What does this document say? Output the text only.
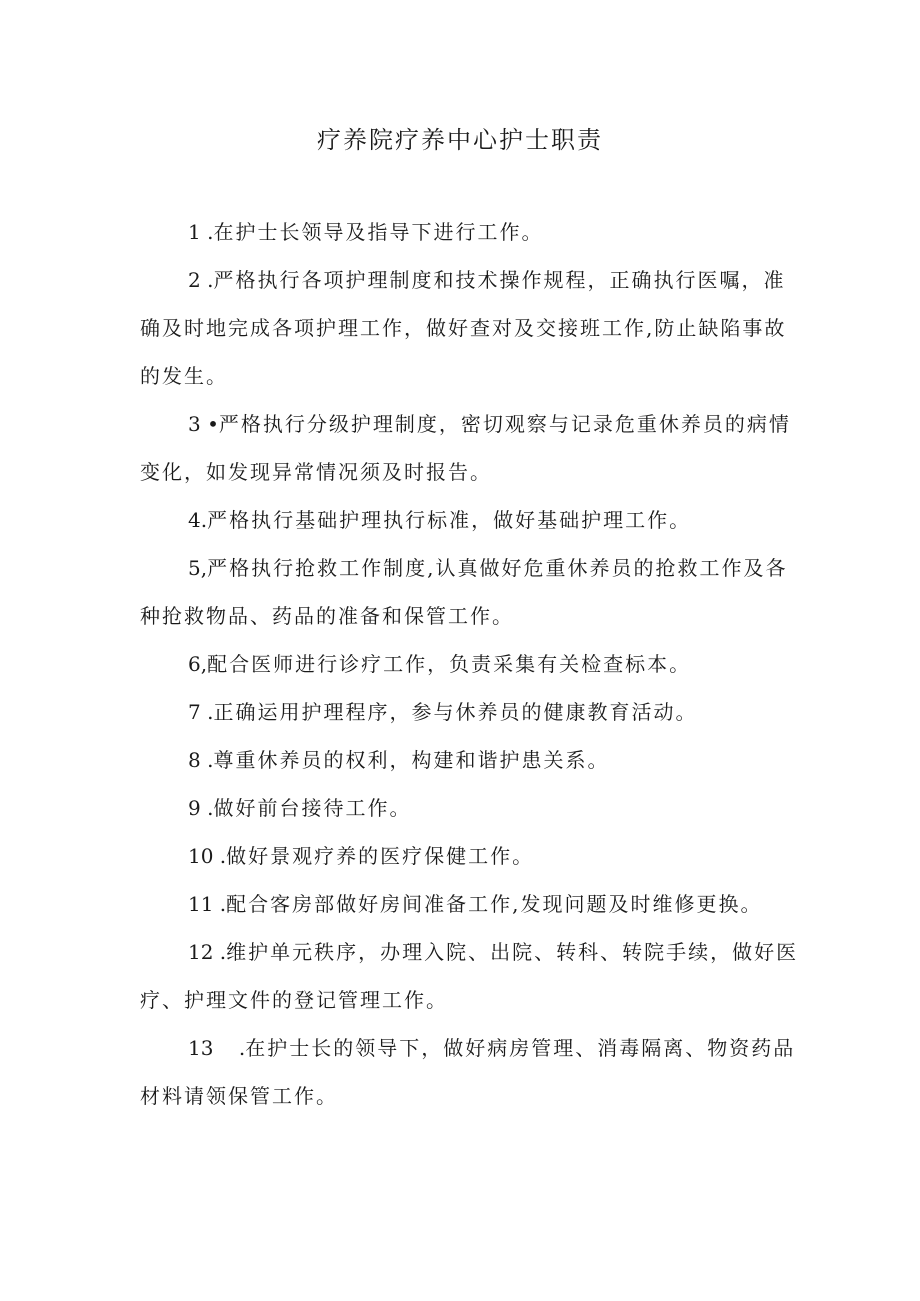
疗养院疗养中心护士职责

1 .在护士长领导及指导下进行工作。

2 .严格执行各项护理制度和技术操作规程，正确执行医嘱，准确及时地完成各项护理工作，做好查对及交接班工作,防止缺陷事故的发生。

3 •严格执行分级护理制度，密切观察与记录危重休养员的病情变化，如发现异常情况须及时报告。

4.严格执行基础护理执行标准，做好基础护理工作。

5,严格执行抢救工作制度,认真做好危重休养员的抢救工作及各种抢救物品、药品的准备和保管工作。

6,配合医师进行诊疗工作，负责采集有关检查标本。

7 .正确运用护理程序，参与休养员的健康教育活动。

8 .尊重休养员的权利，构建和谐护患关系。

9 .做好前台接待工作。

10 .做好景观疗养的医疗保健工作。

11 .配合客房部做好房间准备工作,发现问题及时维修更换。

12 .维护单元秩序，办理入院、出院、转科、转院手续，做好医疗、护理文件的登记管理工作。

13    .在护士长的领导下，做好病房管理、消毒隔离、物资药品材料请领保管工作。
